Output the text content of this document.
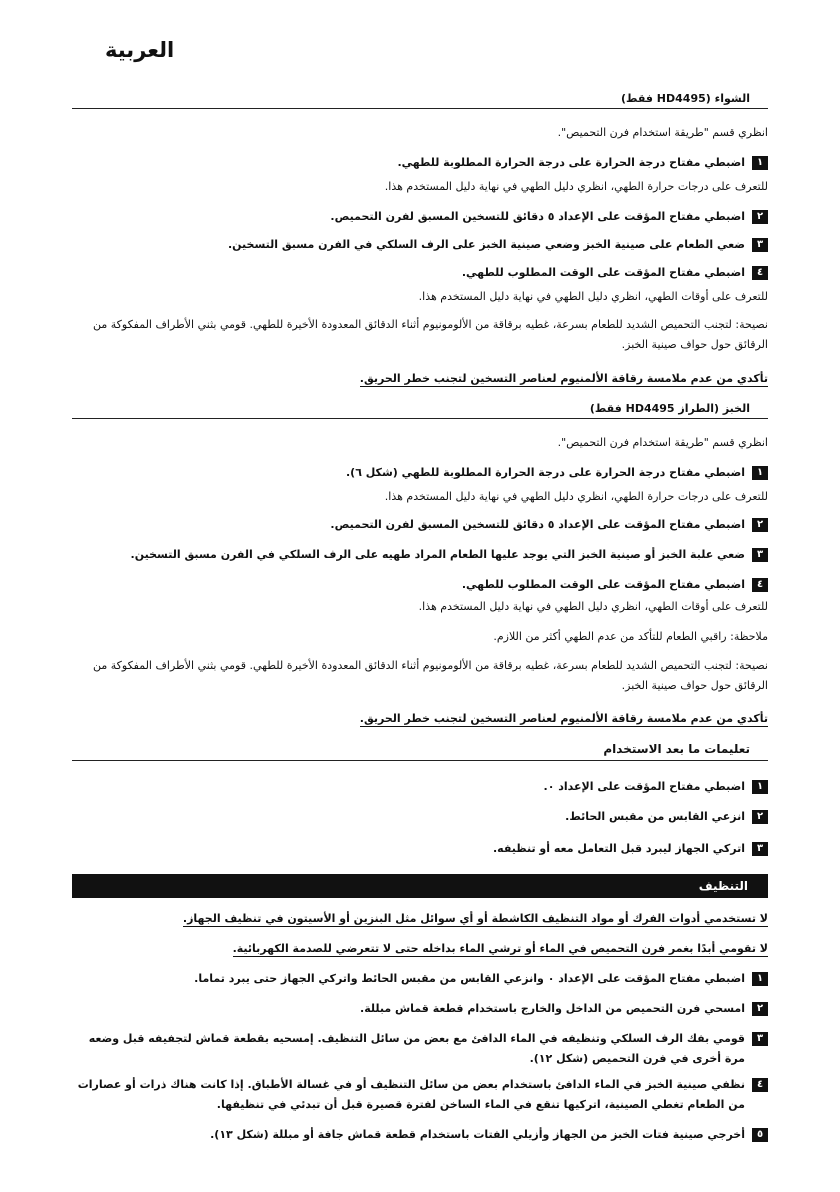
العربية
الشواء (HD4495 فقط)
انظري قسم "طريقة استخدام فرن التحميص".
١
اضبطي مفتاح درجة الحرارة على درجة الحرارة المطلوبة للطهي.
للتعرف على درجات حرارة الطهي، انظري دليل الطهي في نهاية دليل المستخدم هذا.
٢
اضبطي مفتاح المؤقت على الإعداد ٥ دقائق للتسخين المسبق لفرن التحميص.
٣
ضعي الطعام على صينية الخبز وضعي صينية الخبز على الرف السلكي في الفرن مسبق التسخين.
٤
اضبطي مفتاح المؤقت على الوقت المطلوب للطهي.
للتعرف على أوقات الطهي، انظري دليل الطهي في نهاية دليل المستخدم هذا.
نصيحة: لتجنب التحميص الشديد للطعام بسرعة، غطيه برقاقة من الألومونيوم أثناء الدقائق المعدودة الأخيرة للطهي. قومي بثني الأطراف المفكوكة من الرقائق حول حواف صينية الخبز.
تأكدي من عدم ملامسة رقاقة الألمنيوم لعناصر التسخين لتجنب خطر الحريق.
الخبز (الطراز HD4495 فقط)
انظري قسم "طريقة استخدام فرن التحميص".
١
اضبطي مفتاح درجة الحرارة على درجة الحرارة المطلوبة للطهي (شكل ٦).
للتعرف على درجات حرارة الطهي، انظري دليل الطهي في نهاية دليل المستخدم هذا.
٢
اضبطي مفتاح المؤقت على الإعداد ٥ دقائق للتسخين المسبق لفرن التحميص.
٣
ضعي علبة الخبز أو صينية الخبز التي يوجد عليها الطعام المراد طهيه على الرف السلكي في الفرن مسبق التسخين.
٤
اضبطي مفتاح المؤقت على الوقت المطلوب للطهي.
للتعرف على أوقات الطهي، انظري دليل الطهي في نهاية دليل المستخدم هذا.
ملاحظة: راقبي الطعام للتأكد من عدم الطهي أكثر من اللازم.
نصيحة: لتجنب التحميص الشديد للطعام بسرعة، غطيه برقاقة من الألومونيوم أثناء الدقائق المعدودة الأخيرة للطهي. قومي بثني الأطراف المفكوكة من الرقائق حول حواف صينية الخبز.
تأكدي من عدم ملامسة رقاقة الألمنيوم لعناصر التسخين لتجنب خطر الحريق.
تعليمات ما بعد الاستخدام
١
اضبطي مفتاح المؤقت على الإعداد ٠.
٢
انزعي القابس من مقبس الحائط.
٣
اتركي الجهاز ليبرد قبل التعامل معه أو تنظيفه.
التنظيف
لا تستخدمي أدوات الفرك أو مواد التنظيف الكاشطة أو أي سوائل مثل البنزين أو الأسيتون في تنظيف الجهاز.
لا تقومي أبدًا بغمر فرن التحميص في الماء أو ترشي الماء بداخله حتى لا تتعرضي للصدمة الكهربائية.
١
اضبطي مفتاح المؤقت على الإعداد ٠ وانزعي القابس من مقبس الحائط واتركي الجهاز حتى يبرد تماما.
٢
امسحي فرن التحميص من الداخل والخارج باستخدام قطعة قماش مبللة.
٣
قومي بفك الرف السلكي وتنظيفه في الماء الدافئ مع بعض من سائل التنظيف. إمسحيه بقطعة قماش لتجفيفه قبل وضعه مرة أخرى في فرن التحميص (شكل ١٢).
٤
نظفي صينية الخبز في الماء الدافئ باستخدام بعض من سائل التنظيف أو في غسالة الأطباق. إذا كانت هناك ذرات أو عصارات من الطعام تغطي الصينية، اتركيها تنقع في الماء الساخن لفترة قصيرة قبل أن تبدئي في تنظيفها.
٥
أخرجي صينية فتات الخبز من الجهاز وأزيلي الفتات باستخدام قطعة قماش جافة أو مبللة (شكل ١٣).
